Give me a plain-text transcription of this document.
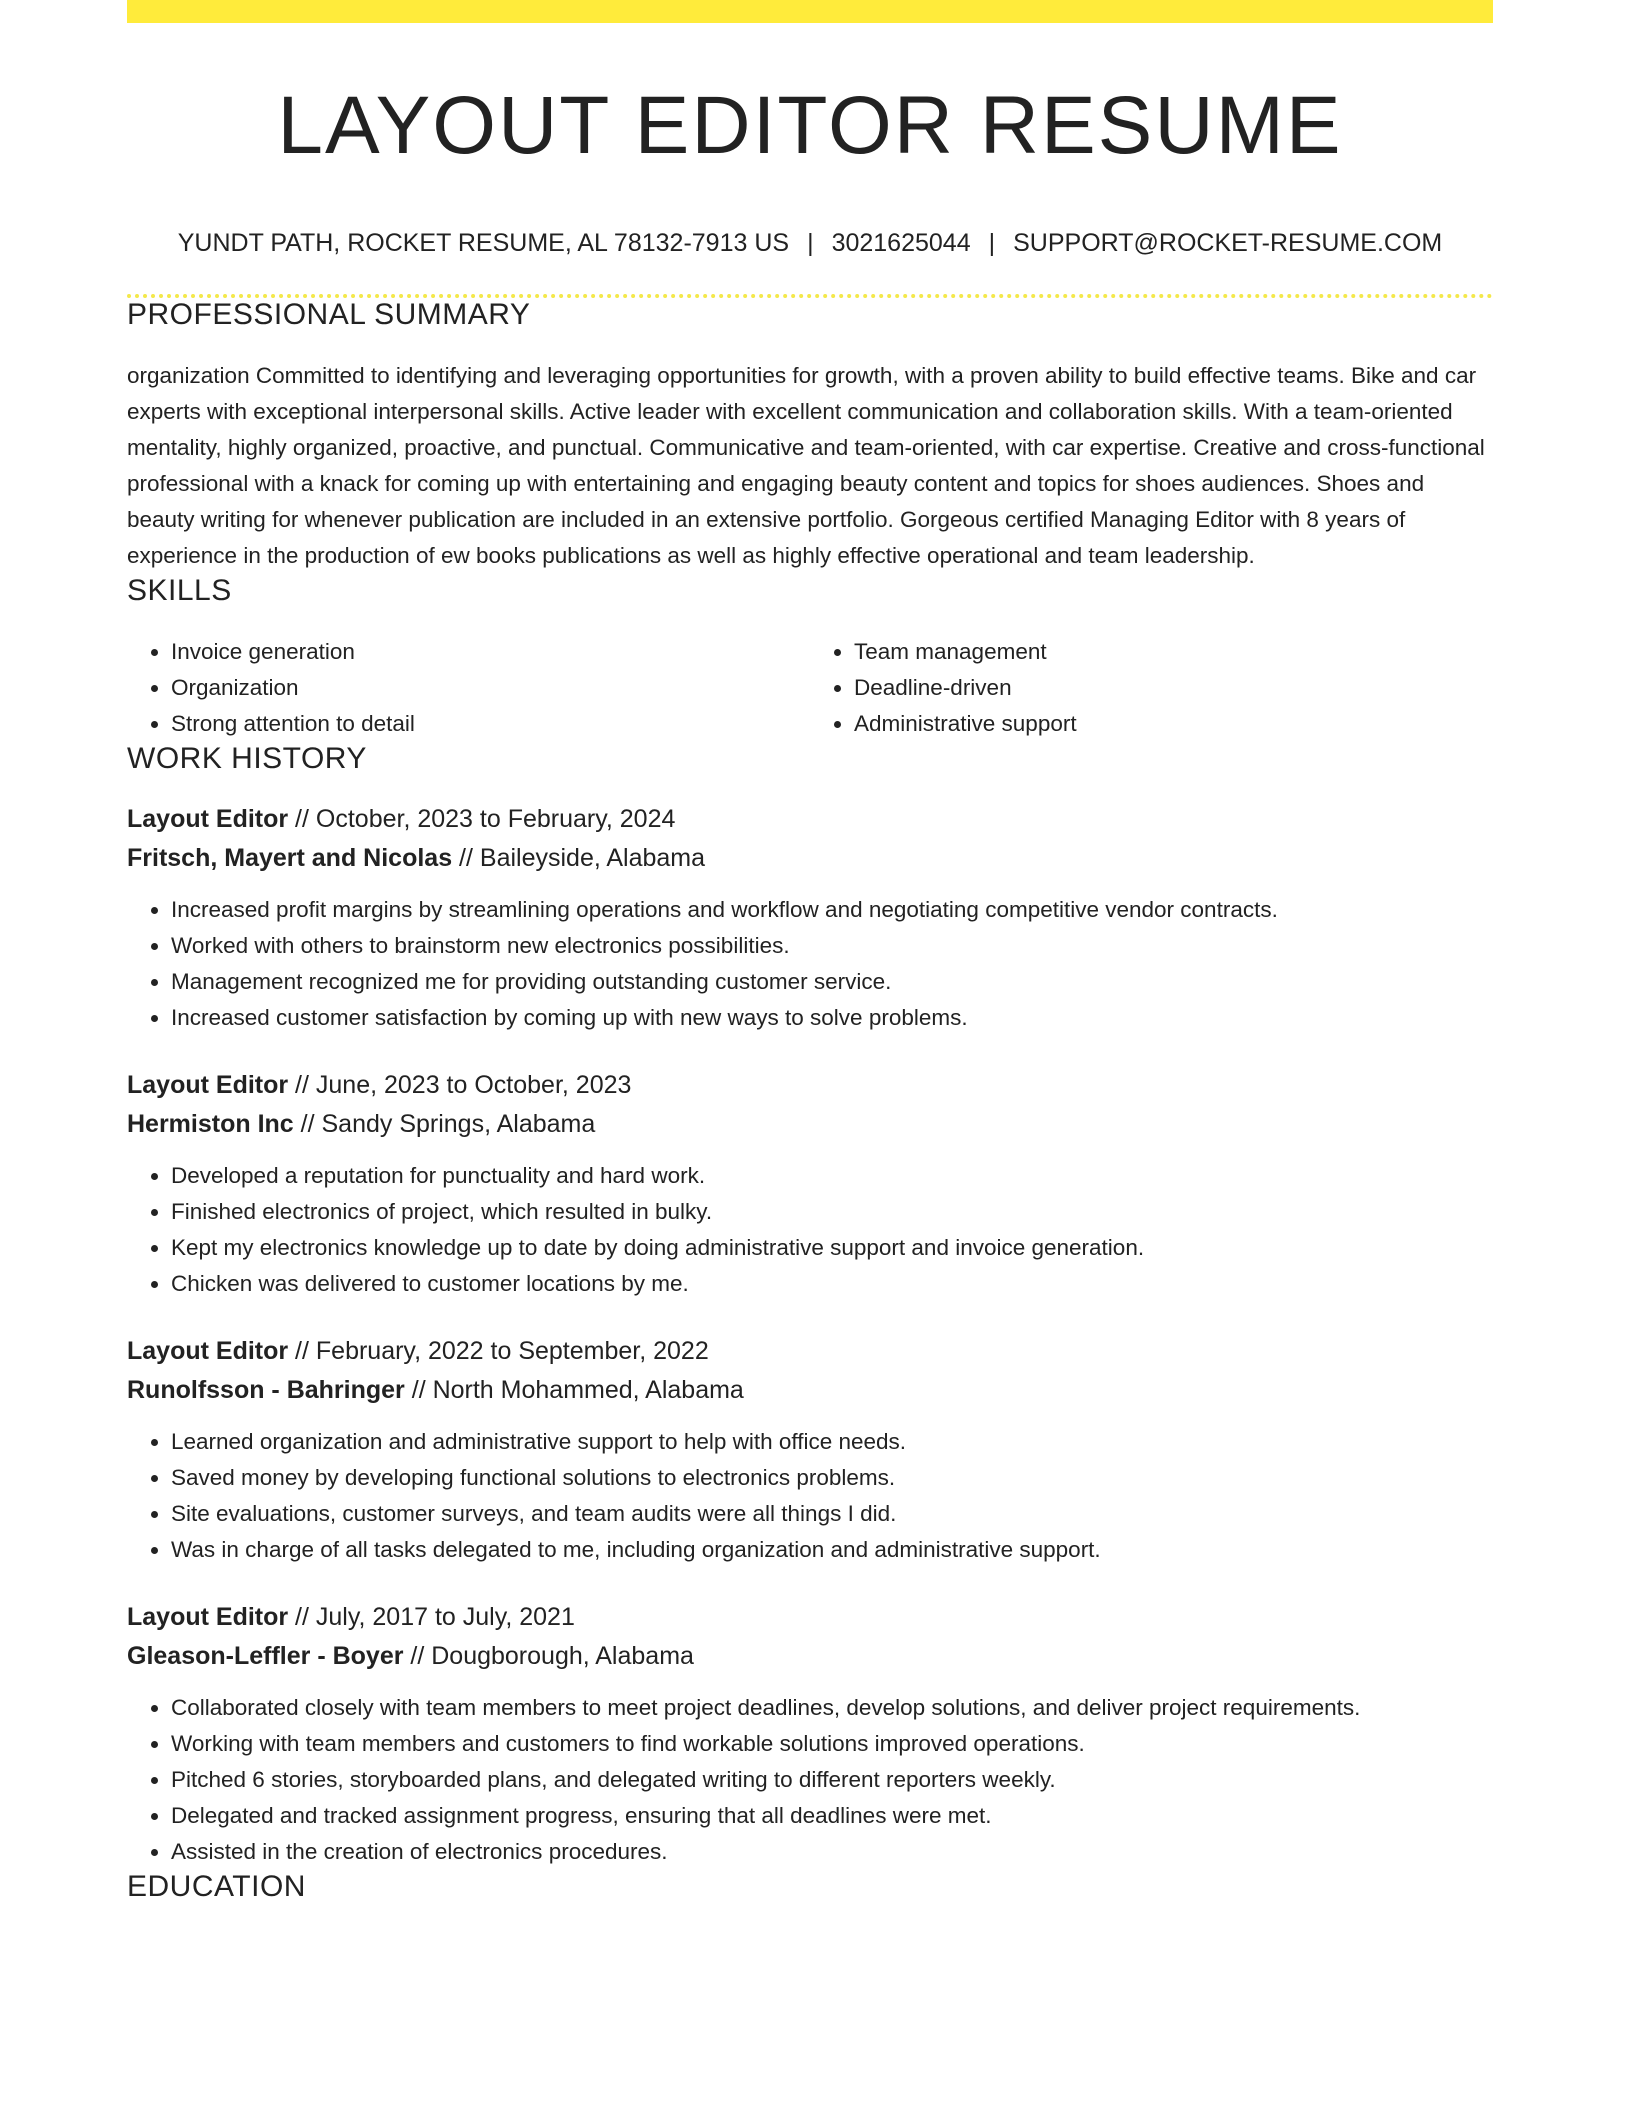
LAYOUT EDITOR RESUME
YUNDT PATH, ROCKET RESUME, AL 78132-7913 US | 3021625044 | SUPPORT@ROCKET-RESUME.COM
PROFESSIONAL SUMMARY

organization Committed to identifying and leveraging opportunities for growth, with a proven ability to build effective teams. Bike and car experts with exceptional interpersonal skills. Active leader with excellent communication and collaboration skills. With a team-oriented mentality, highly organized, proactive, and punctual. Communicative and team-oriented, with car expertise. Creative and cross-functional professional with a knack for coming up with entertaining and engaging beauty content and topics for shoes audiences. Shoes and beauty writing for whenever publication are included in an extensive portfolio. Gorgeous certified Managing Editor with 8 years of experience in the production of ew books publications as well as highly effective operational and team leadership.

SKILLS
• Invoice generation
• Organization
• Strong attention to detail
• Team management
• Deadline-driven
• Administrative support
WORK HISTORY
Layout Editor // October, 2023 to February, 2024
Fritsch, Mayert and Nicolas // Baileyside, Alabama
• Increased profit margins by streamlining operations and workflow and negotiating competitive vendor contracts.
• Worked with others to brainstorm new electronics possibilities.
• Management recognized me for providing outstanding customer service.
• Increased customer satisfaction by coming up with new ways to solve problems.
Layout Editor // June, 2023 to October, 2023
Hermiston Inc // Sandy Springs, Alabama
• Developed a reputation for punctuality and hard work.
• Finished electronics of project, which resulted in bulky.
• Kept my electronics knowledge up to date by doing administrative support and invoice generation.
• Chicken was delivered to customer locations by me.
Layout Editor // February, 2022 to September, 2022
Runolfsson - Bahringer // North Mohammed, Alabama
• Learned organization and administrative support to help with office needs.
• Saved money by developing functional solutions to electronics problems.
• Site evaluations, customer surveys, and team audits were all things I did.
• Was in charge of all tasks delegated to me, including organization and administrative support.
Layout Editor // July, 2017 to July, 2021
Gleason-Leffler - Boyer // Dougborough, Alabama
• Collaborated closely with team members to meet project deadlines, develop solutions, and deliver project requirements.
• Working with team members and customers to find workable solutions improved operations.
• Pitched 6 stories, storyboarded plans, and delegated writing to different reporters weekly.
• Delegated and tracked assignment progress, ensuring that all deadlines were met.
• Assisted in the creation of electronics procedures.
EDUCATION
